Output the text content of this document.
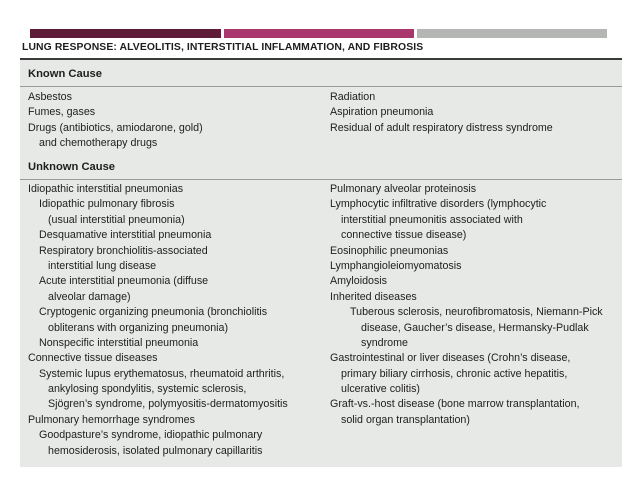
LUNG RESPONSE: ALVEOLITIS, INTERSTITIAL INFLAMMATION, AND FIBROSIS
Known Cause
Asbestos
Fumes, gases
Drugs (antibiotics, amiodarone, gold)
and chemotherapy drugs
Radiation
Aspiration pneumonia
Residual of adult respiratory distress syndrome
Unknown Cause
Idiopathic interstitial pneumonias
Idiopathic pulmonary fibrosis
(usual interstitial pneumonia)
Desquamative interstitial pneumonia
Respiratory bronchiolitis-associated
interstitial lung disease
Acute interstitial pneumonia (diffuse
alveolar damage)
Cryptogenic organizing pneumonia (bronchiolitis
obliterans with organizing pneumonia)
Nonspecific interstitial pneumonia
Connective tissue diseases
Systemic lupus erythematosus, rheumatoid arthritis,
ankylosing spondylitis, systemic sclerosis,
Sjögren’s syndrome, polymyositis-dermatomyositis
Pulmonary hemorrhage syndromes
Goodpasture’s syndrome, idiopathic pulmonary
hemosiderosis, isolated pulmonary capillaritis
Pulmonary alveolar proteinosis
Lymphocytic infiltrative disorders (lymphocytic
interstitial pneumonitis associated with
connective tissue disease)
Eosinophilic pneumonias
Lymphangioleiomyomatosis
Amyloidosis
Inherited diseases
Tuberous sclerosis, neurofibromatosis, Niemann-Pick
disease, Gaucher’s disease, Hermansky-Pudlak
syndrome
Gastrointestinal or liver diseases (Crohn’s disease,
primary biliary cirrhosis, chronic active hepatitis,
ulcerative colitis)
Graft-vs.-host disease (bone marrow transplantation,
solid organ transplantation)
